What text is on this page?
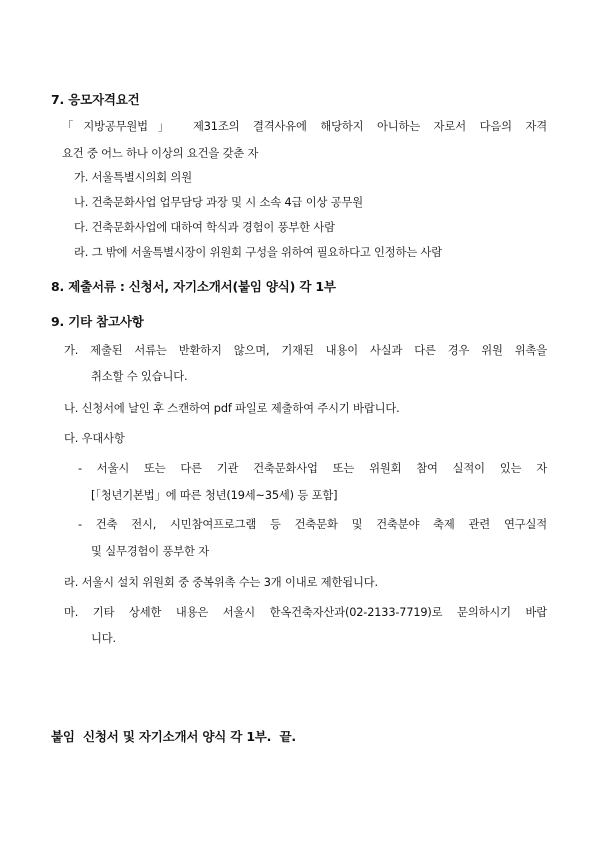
7. 응모자격요건
「지방공무원법」 제31조의 결격사유에 해당하지 아니하는 자로서 다음의 자격
요건 중 어느 하나 이상의 요건을 갖춘 자
가. 서울특별시의회 의원
나. 건축문화사업 업무담당 과장 및 시 소속 4급 이상 공무원
다. 건축문화사업에 대하여 학식과 경험이 풍부한 사람
라. 그 밖에 서울특별시장이 위원회 구성을 위하여 필요하다고 인정하는 사람
8. 제출서류 : 신청서, 자기소개서(붙임 양식) 각 1부
9. 기타 참고사항
가. 제출된 서류는 반환하지 않으며, 기재된 내용이 사실과 다른 경우 위원 위촉을
취소할 수 있습니다.
나. 신청서에 날인 후 스캔하여 pdf 파일로 제출하여 주시기 바랍니다.
다. 우대사항
- 서울시 또는 다른 기관 건축문화사업 또는 위원회 참여 실적이 있는 자
[「청년기본법」에 따른 청년(19세~35세) 등 포함]
- 건축 전시, 시민참여프로그램 등 건축문화 및 건축분야 축제 관련 연구실적
및 실무경험이 풍부한 자
라. 서울시 설치 위원회 중 중복위촉 수는 3개 이내로 제한됩니다.
마. 기타 상세한 내용은 서울시 한옥건축자산과(02-2133-7719)로 문의하시기 바랍
니다.
붙임  신청서 및 자기소개서 양식 각 1부.  끝.
